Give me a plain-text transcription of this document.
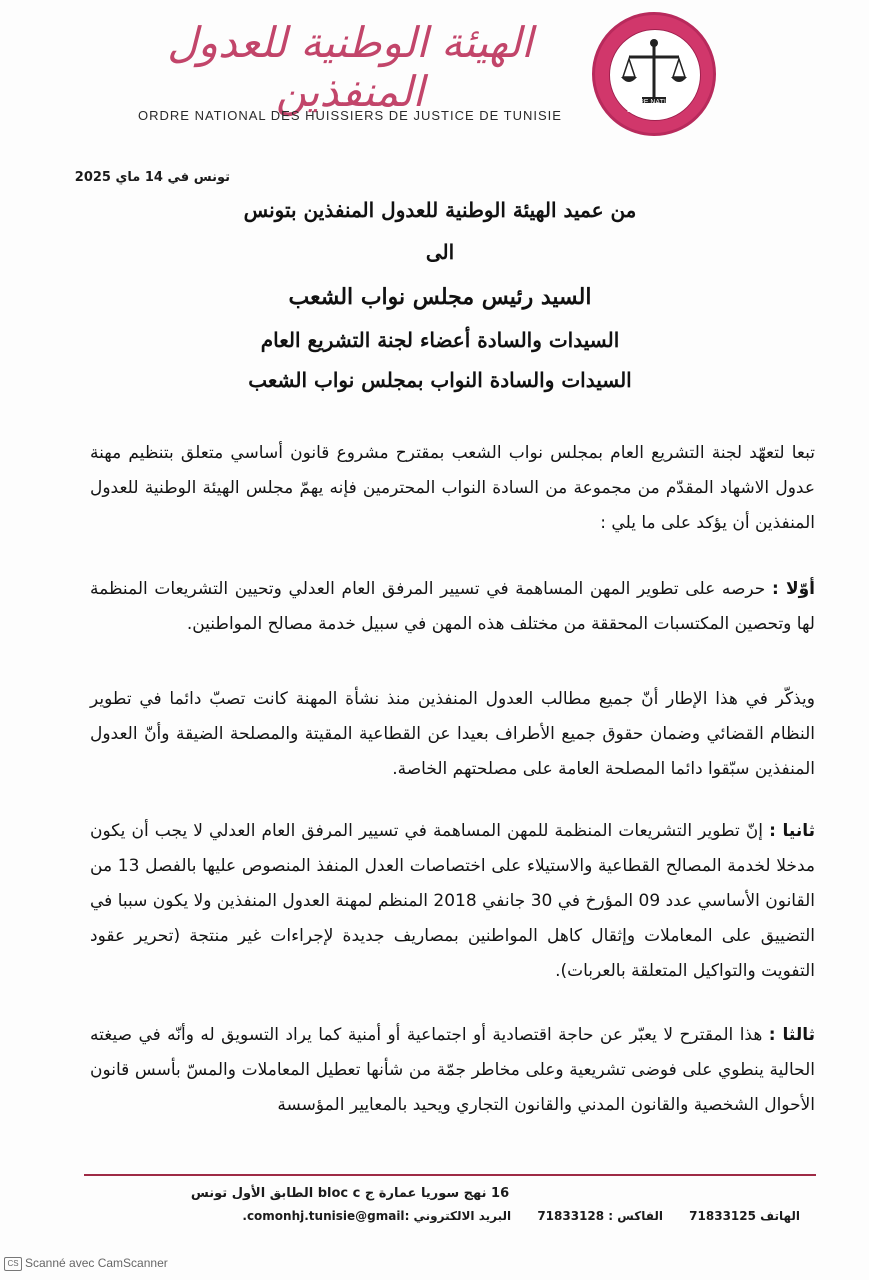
الهيئة الوطنية للعدول المنفذين
ORDRE NATIONAL DES HUISSIERS DE JUSTICE DE TUNISIE
ORDRE NATIONAL
DES HUISSIERS
تونس في 14 ماي 2025
من عميد الهيئة الوطنية للعدول المنفذين بتونس
الى
السيد رئيس مجلس نواب الشعب
السيدات والسادة أعضاء لجنة التشريع العام
السيدات والسادة النواب بمجلس نواب الشعب
تبعا لتعهّد لجنة التشريع العام بمجلس نواب الشعب بمقترح مشروع قانون أساسي متعلق بتنظيم مهنة عدول الاشهاد المقدّم من مجموعة من السادة النواب المحترمين فإنه يهمّ مجلس الهيئة الوطنية للعدول المنفذين أن يؤكد على ما يلي :
أوّلا : حرصه على تطوير المهن المساهمة في تسيير المرفق العام العدلي وتحيين التشريعات المنظمة لها وتحصين المكتسبات المحققة من مختلف هذه المهن في سبيل خدمة مصالح المواطنين.
ويذكّر في هذا الإطار أنّ جميع مطالب العدول المنفذين منذ نشأة المهنة كانت تصبّ دائما في تطوير النظام القضائي وضمان حقوق جميع الأطراف بعيدا عن القطاعية المقيتة والمصلحة الضيقة وأنّ العدول المنفذين سبّقوا دائما المصلحة العامة على مصلحتهم الخاصة.
ثانيا : إنّ تطوير التشريعات المنظمة للمهن المساهمة في تسيير المرفق العام العدلي لا يجب أن يكون مدخلا لخدمة المصالح القطاعية والاستيلاء على اختصاصات العدل المنفذ المنصوص عليها بالفصل 13 من القانون الأساسي عدد 09 المؤرخ في 30 جانفي 2018 المنظم لمهنة العدول المنفذين ولا يكون سببا في التضييق على المعاملات وإثقال كاهل المواطنين بمصاريف جديدة لإجراءات غير منتجة (تحرير عقود التفويت والتواكيل المتعلقة بالعربات).
ثالثا : هذا المقترح لا يعبّر عن حاجة اقتصادية أو اجتماعية أو أمنية كما يراد التسويق له وأنّه في صيغته الحالية ينطوي على فوضى تشريعية وعلى مخاطر جمّة من شأنها تعطيل المعاملات والمسّ بأسس قانون الأحوال الشخصية والقانون المدني والقانون التجاري ويحيد بالمعايير المؤسسة
16 نهج سوريا عمارة ج bloc c الطابق الأول تونس
الهاتف 71833125 الفاكس : 71833128 البريد الالكتروني :comonhj.tunisie@gmail.
CS Scanné avec CamScanner
